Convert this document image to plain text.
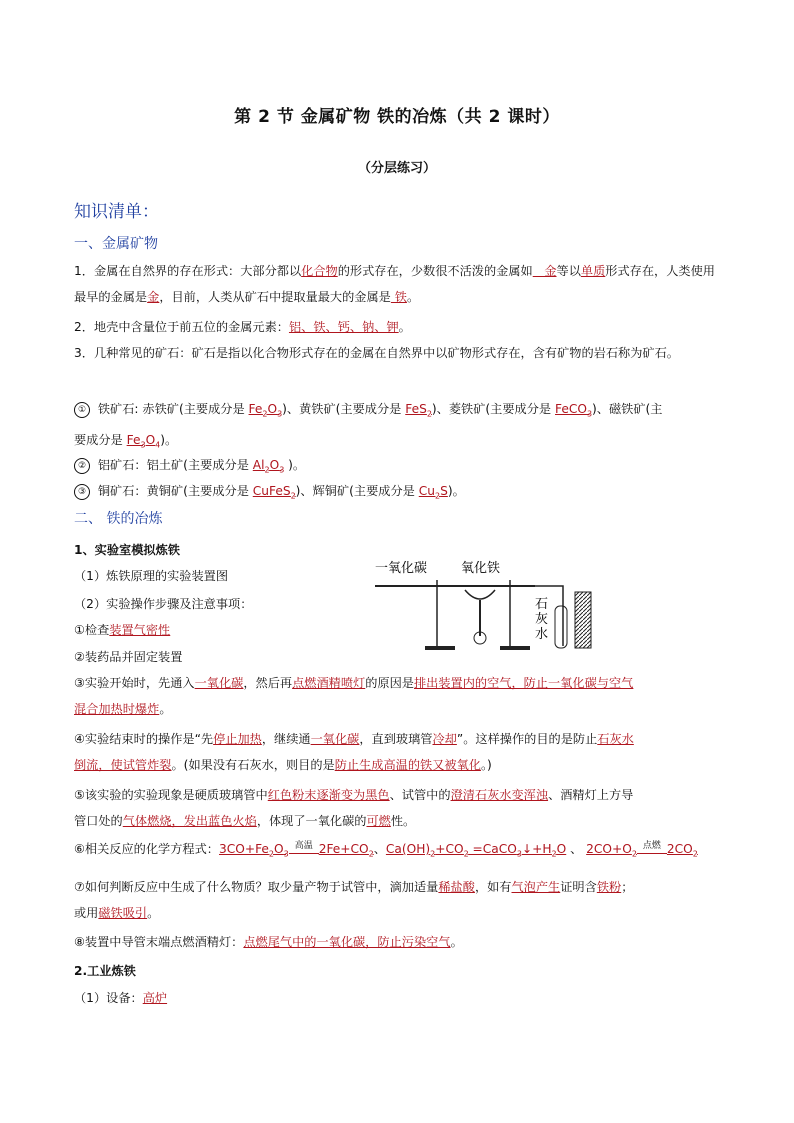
第 2 节 金属矿物 铁的冶炼（共 2 课时）
（分层练习）
知识清单：
一、金属矿物
1．金属在自然界的存在形式：大部分都以化合物的形式存在，少数很不活泼的金属如   金等以单质形式存在，人类使用最早的金属是金，目前，人类从矿石中提取量最大的金属是 铁。
2．地壳中含量位于前五位的金属元素：铝、铁、钙、钠、钾。
3．几种常见的矿石：矿石是指以化合物形式存在的金属在自然界中以矿物形式存在，含有矿物的岩石称为矿石。
① 铁矿石: 赤铁矿(主要成分是 $Fe_2O_3$)、黄铁矿(主要成分是 FeS$_2$)、菱铁矿(主要成分是 FeCO$_3$)、磁铁矿(主
要成分是 $Fe_3O_4$)。
② 铝矿石：铝土矿(主要成分是 $Al_2O_3$ )。
③ 铜矿石：黄铜矿(主要成分是 CuFeS$_2$)、辉铜矿(主要成分是 $Cu_2S$)。
二、 铁的冶炼
1、实验室模拟炼铁
（1）炼铁原理的实验装置图
（2）实验操作步骤及注意事项：
一氧化碳	氧化铁
石
灰
水
①检查装置气密性
②装药品并固定装置
③实验开始时，先通入一氧化碳，然后再点燃酒精喷灯的原因是排出装置内的空气，防止一氧化碳与空气
混合加热时爆炸。
④实验结束时的操作是“先停止加热，继续通一氧化碳，直到玻璃管冷却”。这样操作的目的是防止石灰水
倒流，使试管炸裂。(如果没有石灰水，则目的是防止生成高温的铁又被氧化。)
⑤该实验的实验现象是硬质玻璃管中红色粉末逐渐变为黑色、试管中的澄清石灰水变浑浊、酒精灯上方导
管口处的气体燃烧，发出蓝色火焰，体现了一氧化碳的可燃性。
⑥相关反应的化学方程式：$3CO+Fe_2O_3^{高温}$ $2Fe+CO_2$、$Ca(OH)_2+CO_2$ $=CaCO_3↓+H_2O$ 、 $2CO+O_2^{点燃}$ $2CO_2$
⑦如何判断反应中生成了什么物质？取少量产物于试管中，滴加适量稀盐酸，如有气泡产生证明含铁粉；
或用磁铁吸引。
⑧装置中导管末端点燃酒精灯：点燃尾气中的一氧化碳，防止污染空气。
2.工业炼铁
（1）设备：高炉
